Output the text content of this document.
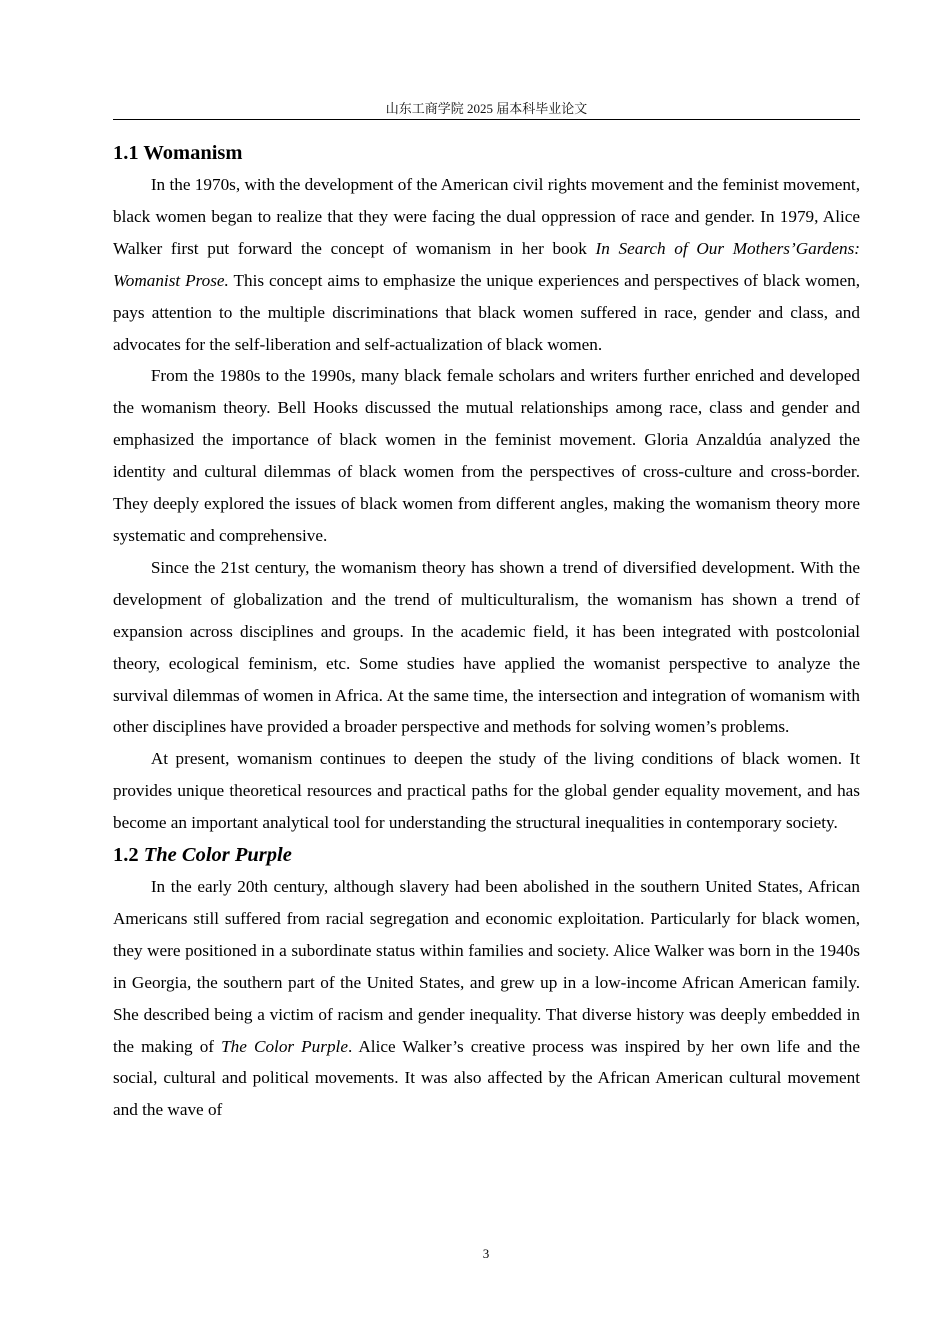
山东工商学院 2025 届本科毕业论文
1.1 Womanism

In the 1970s, with the development of the American civil rights movement and the feminist movement, black women began to realize that they were facing the dual oppression of race and gender. In 1979, Alice Walker first put forward the concept of womanism in her book In Search of Our Mothers’Gardens: Womanist Prose. This concept aims to emphasize the unique experiences and perspectives of black women, pays attention to the multiple discriminations that black women suffered in race, gender and class, and advocates for the self-liberation and self-actualization of black women.

From the 1980s to the 1990s, many black female scholars and writers further enriched and developed the womanism theory. Bell Hooks discussed the mutual relationships among race, class and gender and emphasized the importance of black women in the feminist movement. Gloria Anzaldúa analyzed the identity and cultural dilemmas of black women from the perspectives of cross-culture and cross-border. They deeply explored the issues of black women from different angles, making the womanism theory more systematic and comprehensive.

Since the 21st century, the womanism theory has shown a trend of diversified development. With the development of globalization and the trend of multiculturalism, the womanism has shown a trend of expansion across disciplines and groups. In the academic field, it has been integrated with postcolonial theory, ecological feminism, etc. Some studies have applied the womanist perspective to analyze the survival dilemmas of women in Africa. At the same time, the intersection and integration of womanism with other disciplines have provided a broader perspective and methods for solving women’s problems.

At present, womanism continues to deepen the study of the living conditions of black women. It provides unique theoretical resources and practical paths for the global gender equality movement, and has become an important analytical tool for understanding the structural inequalities in contemporary society.

1.2 The Color Purple

In the early 20th century, although slavery had been abolished in the southern United States, African Americans still suffered from racial segregation and economic exploitation. Particularly for black women, they were positioned in a subordinate status within families and society. Alice Walker was born in the 1940s in Georgia, the southern part of the United States, and grew up in a low-income African American family. She described being a victim of racism and gender inequality. That diverse history was deeply embedded in the making of The Color Purple. Alice Walker’s creative process was inspired by her own life and the social, cultural and political movements. It was also affected by the African American cultural movement and the wave of

3
